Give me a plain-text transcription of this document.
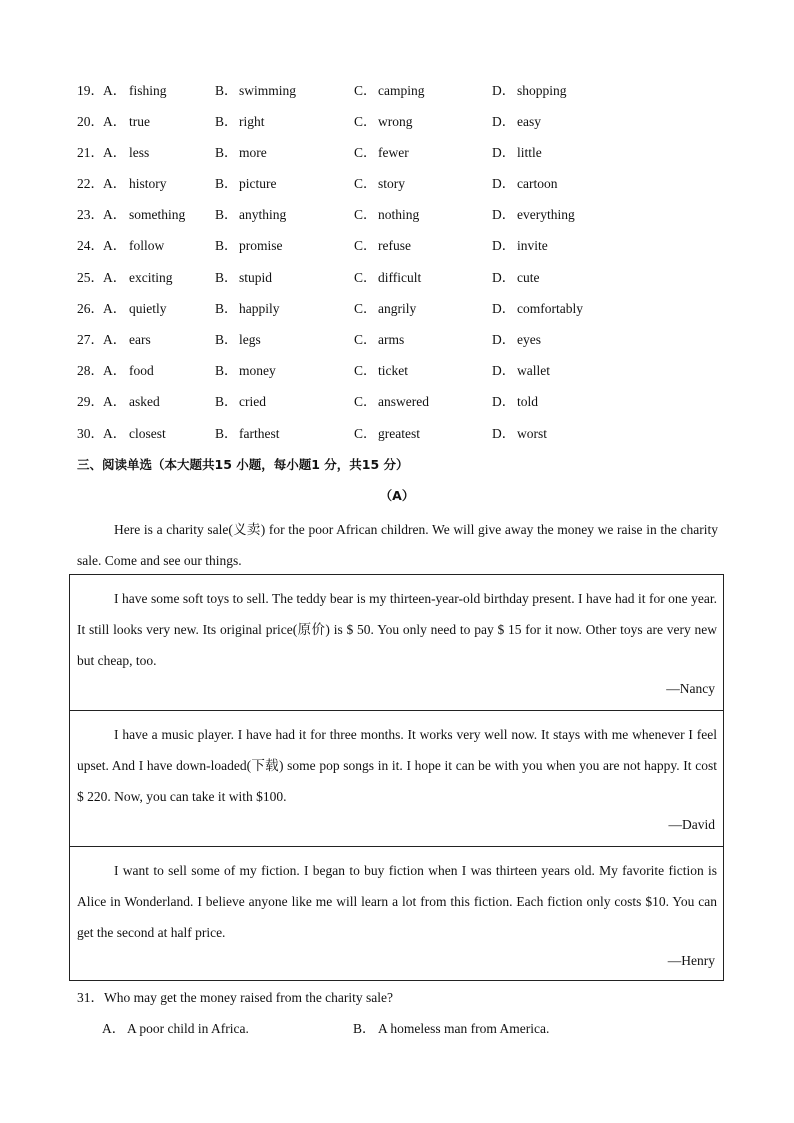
19． A． fishing	B． swimming	C． camping	D． shopping
20． A． true	B． right	C． wrong	D． easy
21． A． less	B． more	C． fewer	D． little
22． A． history	B． picture	C． story	D． cartoon
23． A． something B． anything	C． nothing	D． everything
24． A． follow	B． promise	C． refuse	D． invite
25． A． exciting	B． stupid	C． difficult	D． cute
26． A． quietly	B． happily	C． angrily	D． comfortably
27． A． ears	B． legs	C． arms	D． eyes
28． A． food	B． money	C． ticket	D． wallet
29． A． asked	B． cried	C． answered	D． told
30． A． closest	B． farthest	C． greatest	D． worst
三、阅读单选（本大题共15 小题，每小题1 分，共15 分）
（A）
Here is a charity sale(义卖) for the poor African children. We will give away the money we raise in the charity sale. Come and see our things.
I have some soft toys to sell. The teddy bear is my thirteen-year-old birthday present. I have had it for one year. It still looks very new. Its original price(原价) is $ 50. You only need to pay $ 15 for it now. Other toys are very new but cheap, too.
—Nancy
I have a music player. I have had it for three months. It works very well now. It stays with me whenever I feel upset. And I have down-loaded(下载) some pop songs in it. I hope it can be with you when you are not happy. It cost $ 220. Now, you can take it with $100.
—David
I want to sell some of my fiction. I began to buy fiction when I was thirteen years old. My favorite fiction is Alice in Wonderland. I believe anyone like me will learn a lot from this fiction. Each fiction only costs $10. You can get the second at half price.
—Henry
31．Who may get the money raised from the charity sale?
A． A poor child in Africa.	B． A homeless man from America.
